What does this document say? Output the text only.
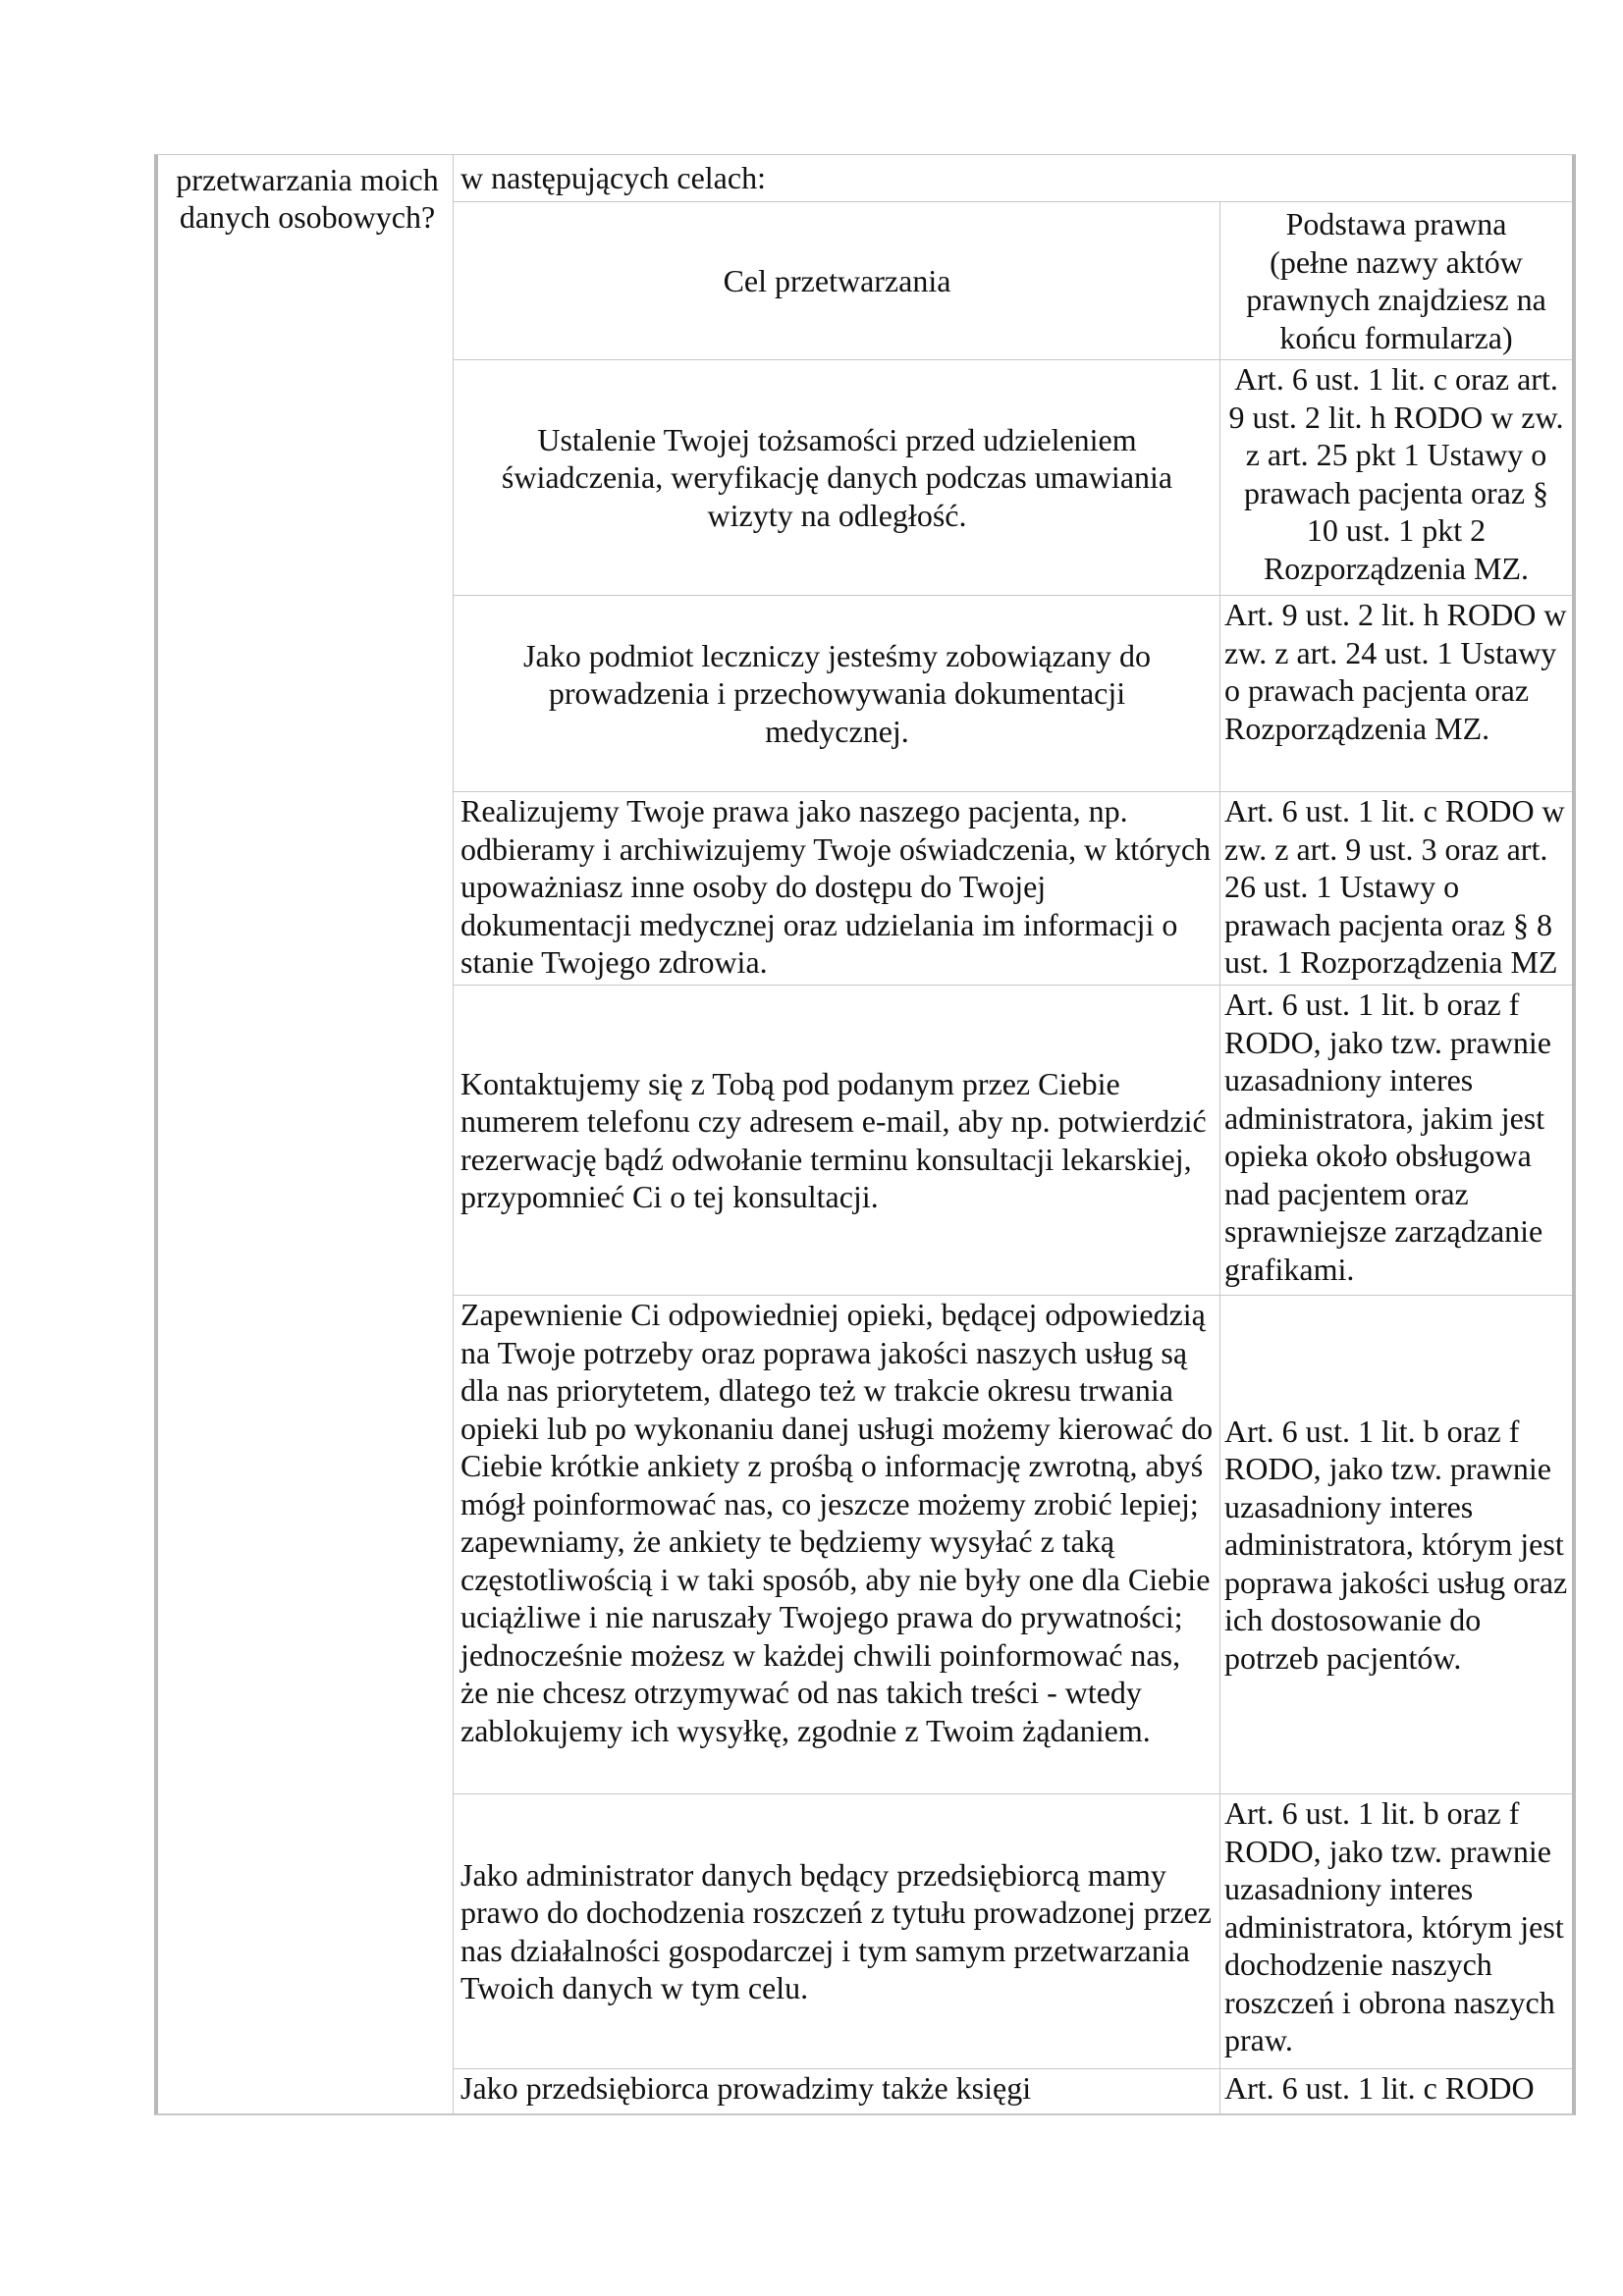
przetwarzania moich danych osobowych?
w następujących celach:
Cel przetwarzania
Podstawa prawna
(pełne nazwy aktów prawnych znajdziesz na końcu formularza)
Ustalenie Twojej tożsamości przed udzieleniem świadczenia, weryfikację danych podczas umawiania wizyty na odległość.
Art. 6 ust. 1 lit. c oraz art. 9 ust. 2 lit. h RODO w zw. z art. 25 pkt 1 Ustawy o prawach pacjenta oraz § 10 ust. 1 pkt 2 Rozporządzenia MZ.
Jako podmiot leczniczy jesteśmy zobowiązany do prowadzenia i przechowywania dokumentacji medycznej.
Art. 9 ust. 2 lit. h RODO w zw. z art. 24 ust. 1 Ustawy o prawach pacjenta oraz Rozporządzenia MZ.
Realizujemy Twoje prawa jako naszego pacjenta, np. odbieramy i archiwizujemy Twoje oświadczenia, w których upoważniasz inne osoby do dostępu do Twojej dokumentacji medycznej oraz udzielania im informacji o stanie Twojego zdrowia.
Art. 6 ust. 1 lit. c RODO w zw. z art. 9 ust. 3 oraz art. 26 ust. 1 Ustawy o prawach pacjenta oraz § 8 ust. 1 Rozporządzenia MZ
Kontaktujemy się z Tobą pod podanym przez Ciebie numerem telefonu czy adresem e-mail, aby np. potwierdzić rezerwację bądź odwołanie terminu konsultacji lekarskiej, przypomnieć Ci o tej konsultacji.
Art. 6 ust. 1 lit. b oraz f RODO, jako tzw. prawnie uzasadniony interes administratora, jakim jest opieka około obsługowa nad pacjentem oraz sprawniejsze zarządzanie grafikami.
Zapewnienie Ci odpowiedniej opieki, będącej odpowiedzią na Twoje potrzeby oraz poprawa jakości naszych usług są dla nas priorytetem, dlatego też w trakcie okresu trwania opieki lub po wykonaniu danej usługi możemy kierować do Ciebie krótkie ankiety z prośbą o informację zwrotną, abyś mógł poinformować nas, co jeszcze możemy zrobić lepiej; zapewniamy, że ankiety te będziemy wysyłać z taką częstotliwością i w taki sposób, aby nie były one dla Ciebie uciążliwe i nie naruszały Twojego prawa do prywatności; jednocześnie możesz w każdej chwili poinformować nas, że nie chcesz otrzymywać od nas takich treści - wtedy zablokujemy ich wysyłkę, zgodnie z Twoim żądaniem.
Art. 6 ust. 1 lit. b oraz f RODO, jako tzw. prawnie uzasadniony interes administratora, którym jest poprawa jakości usług oraz ich dostosowanie do potrzeb pacjentów.
Jako administrator danych będący przedsiębiorcą mamy prawo do dochodzenia roszczeń z tytułu prowadzonej przez nas działalności gospodarczej i tym samym przetwarzania Twoich danych w tym celu.
Art. 6 ust. 1 lit. b oraz f RODO, jako tzw. prawnie uzasadniony interes administratora, którym jest dochodzenie naszych roszczeń i obrona naszych praw.
Jako przedsiębiorca prowadzimy także księgi	Art. 6 ust. 1 lit. c RODO
